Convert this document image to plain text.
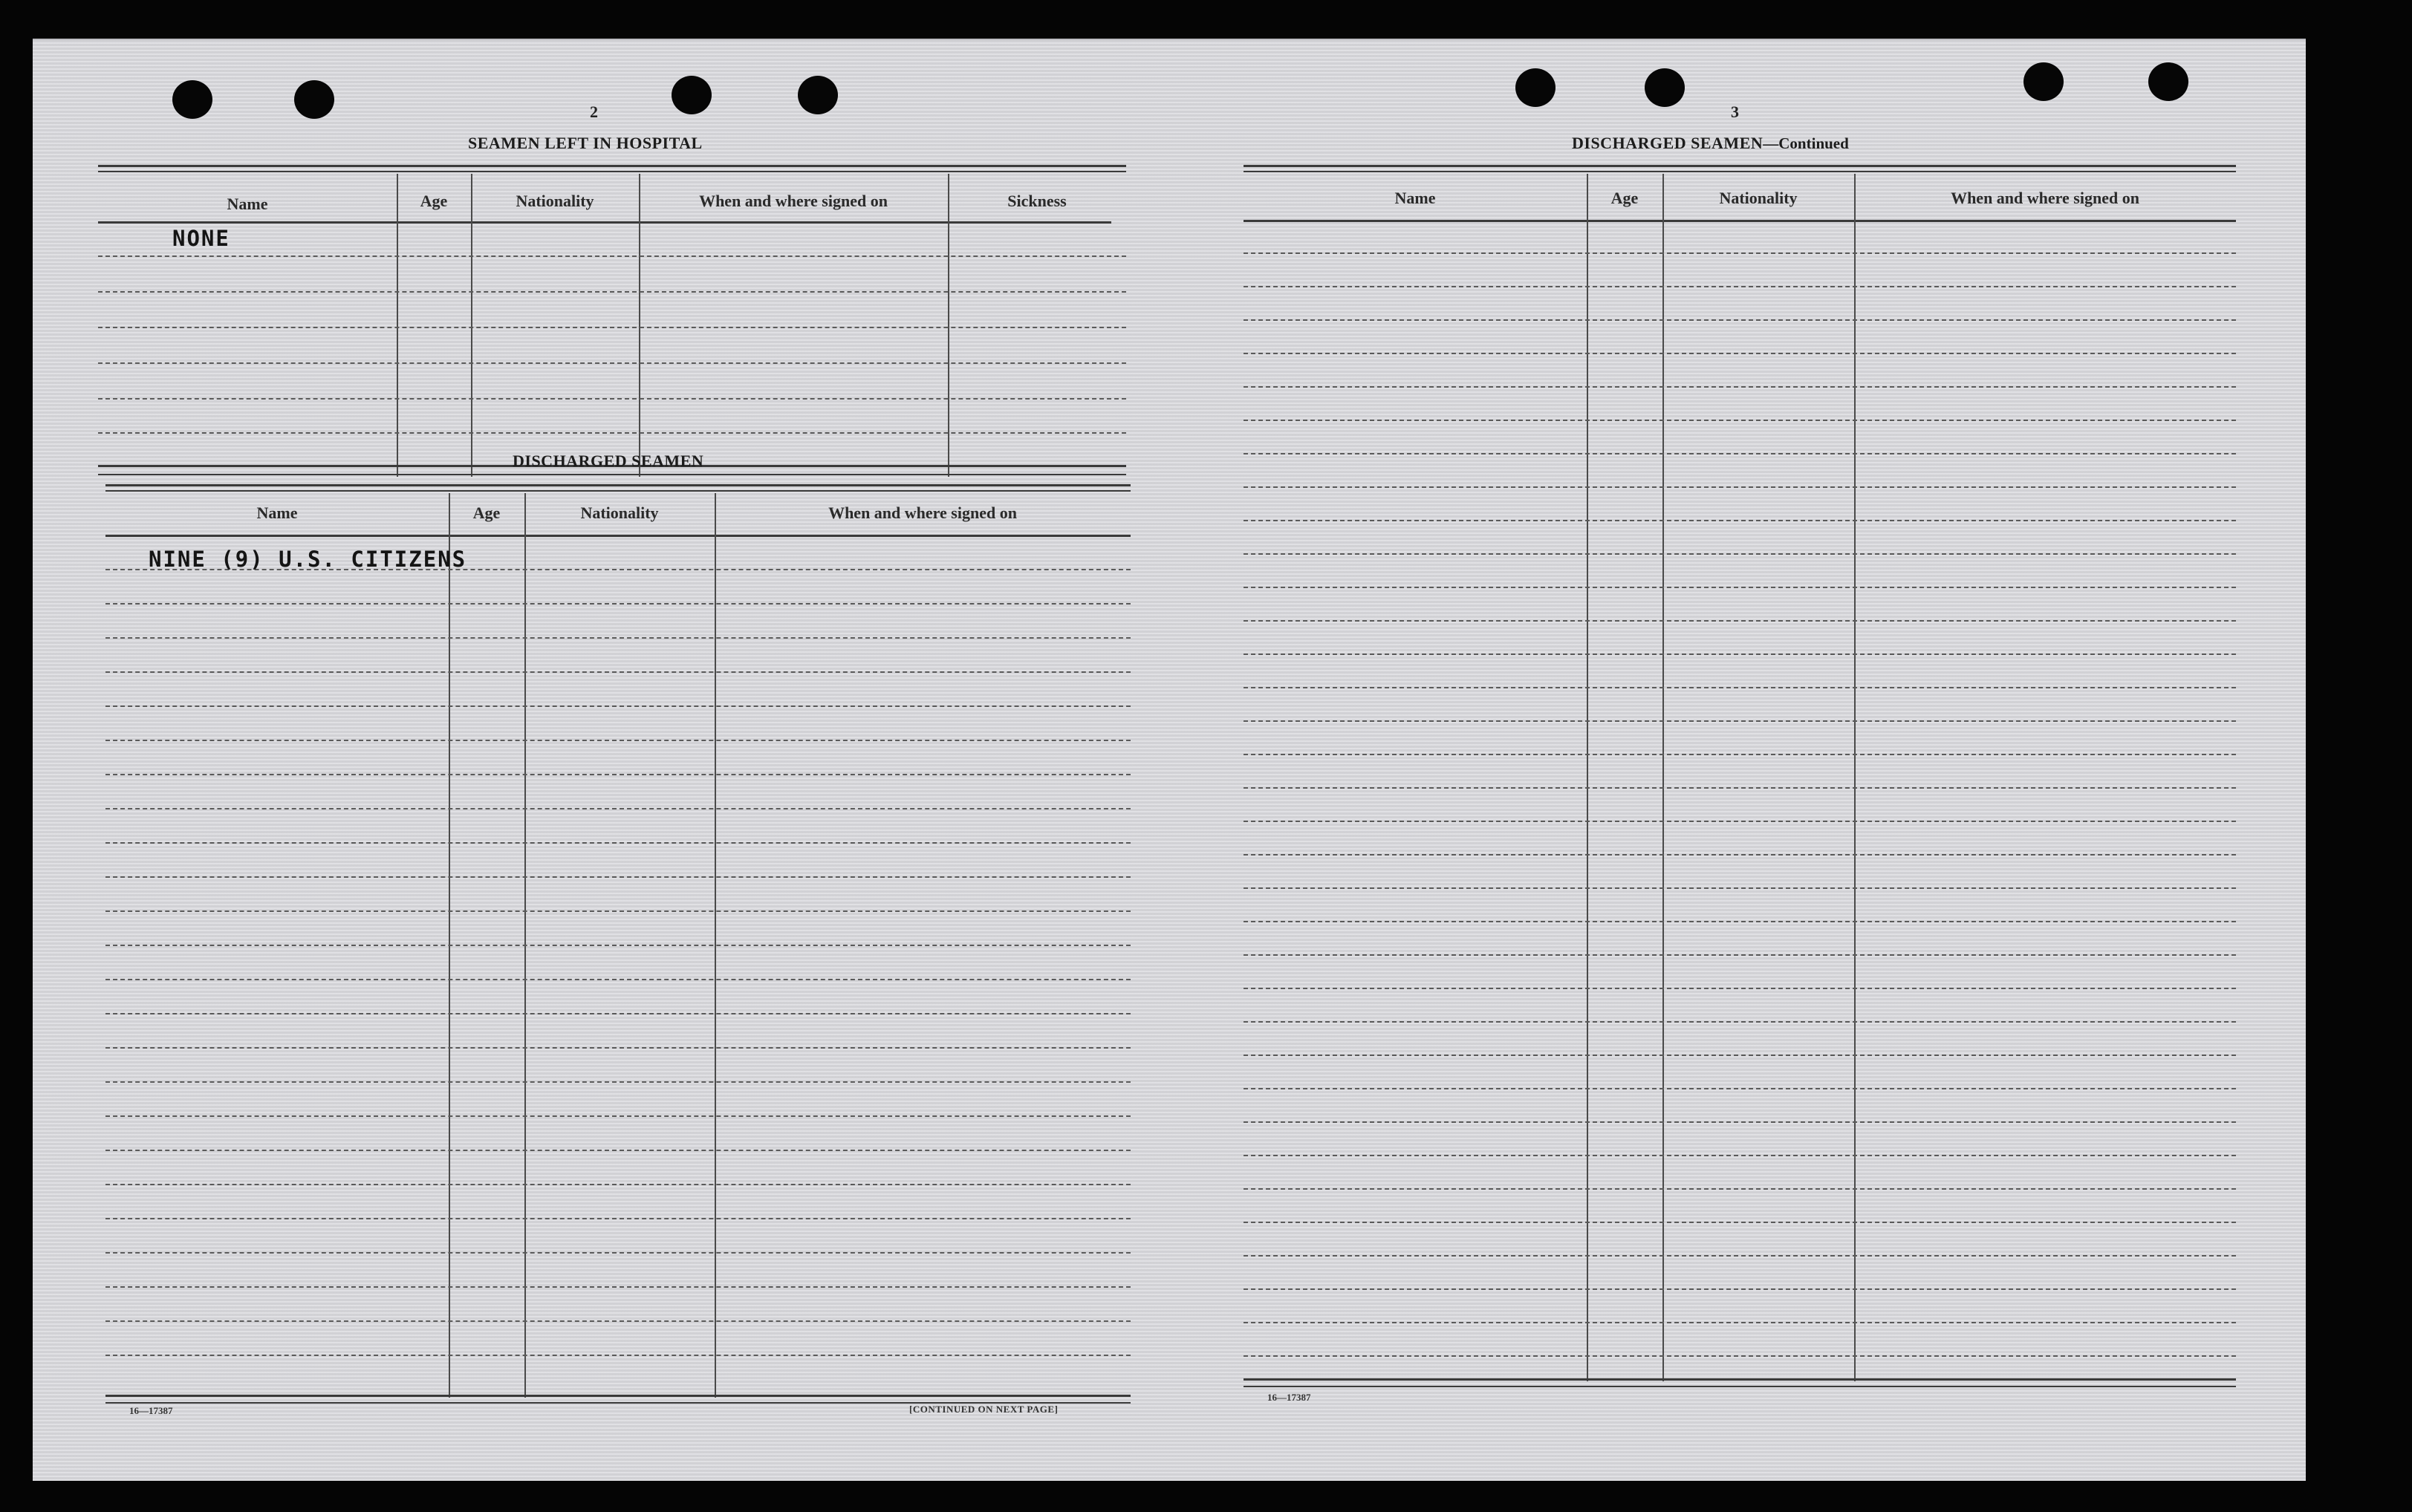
2
SEAMEN LEFT IN HOSPITAL
Name	Age	Nationality	When and where signed on	Sickness
NONE
DISCHARGED SEAMEN
Name	Age	Nationality	When and where signed on
NINE (9) U.S. CITIZENS
16—17387	[CONTINUED ON NEXT PAGE]
3
DISCHARGED SEAMEN—Continued
Name	Age	Nationality	When and where signed on
16—17387
